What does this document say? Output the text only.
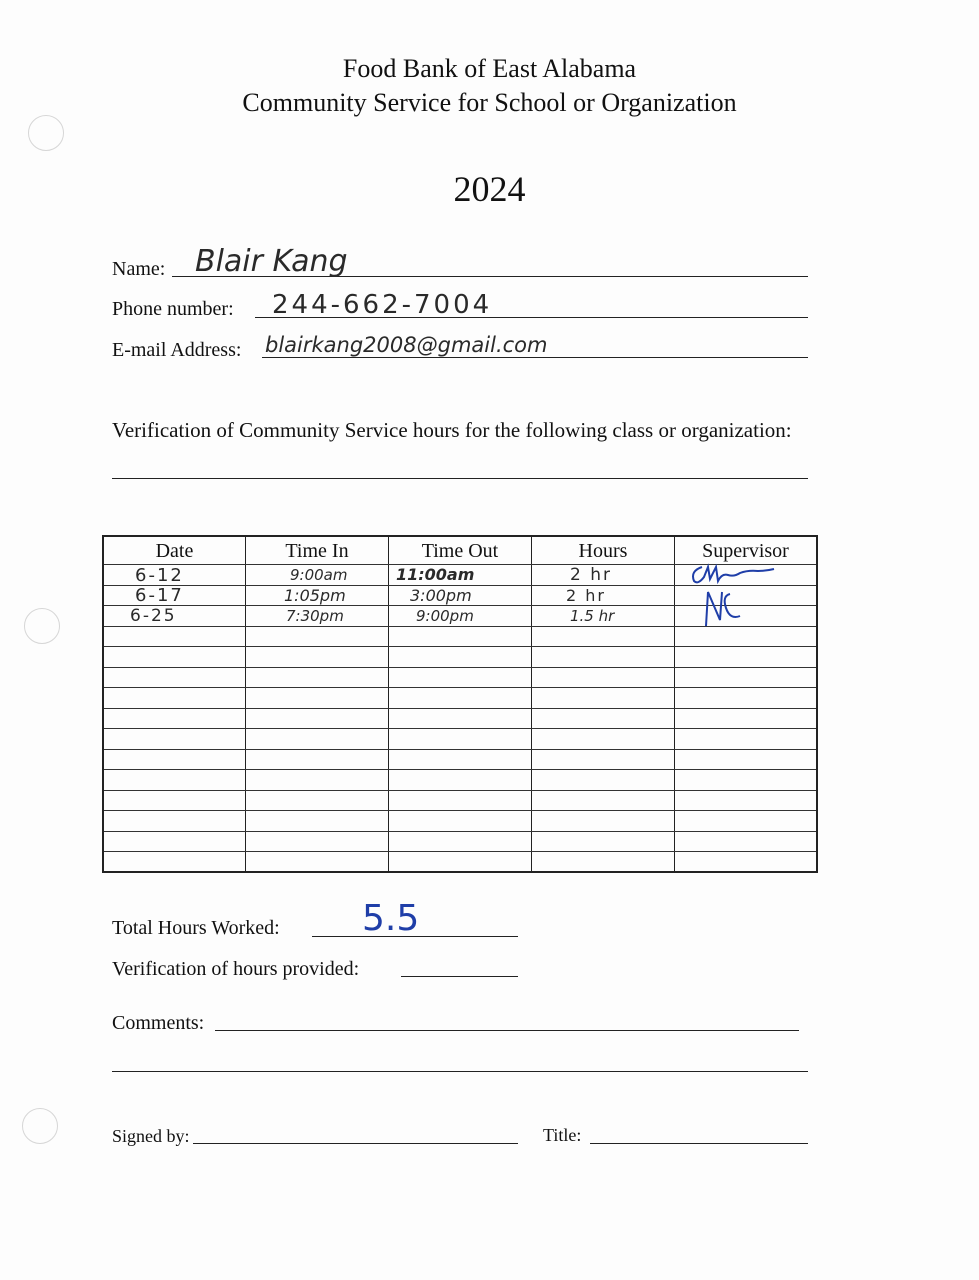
Food Bank of East Alabama
Community Service for School or Organization
2024
Name: Blair Kang
Phone number: 244-662-7004
E-mail Address: blairkang2008@gmail.com
Verification of Community Service hours for the following class or organization:
Date	Time In	Time Out	Hours	Supervisor
6-12	9:00am	11:00am	2 hr
6-17	1:05pm	3:00pm	2 hr
6-25	7:30pm	9:00pm	1.5 hr
Total Hours Worked: 5.5
Verification of hours provided:
Comments:
Signed by:	Title:
